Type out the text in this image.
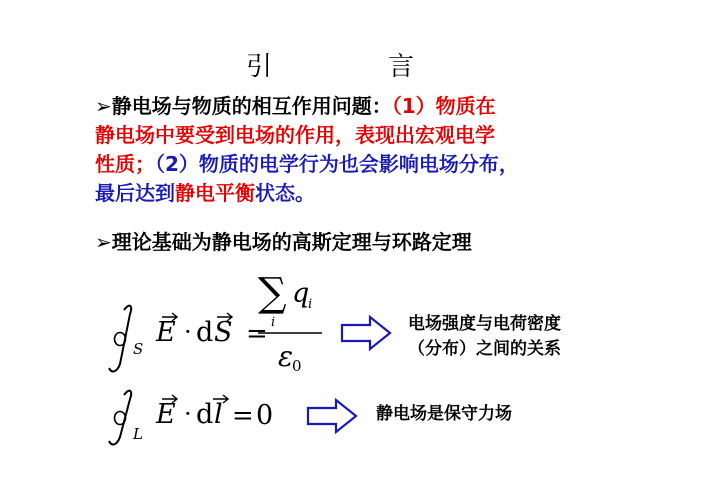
引	言
➢静电场与物质的相互作用问题：（1）物质在
静电场中要受到电场的作用，表现出宏观电学
性质；（2）物质的电学行为也会影响电场分布，
最后达到静电平衡状态。
➢理论基础为静电场的高斯定理与环路定理
S
E · d S =
∑ q
i
i
ε
0
电场强度与电荷密度
（分布）之间的关系
L
E · d l = 0	静电场是保守力场
